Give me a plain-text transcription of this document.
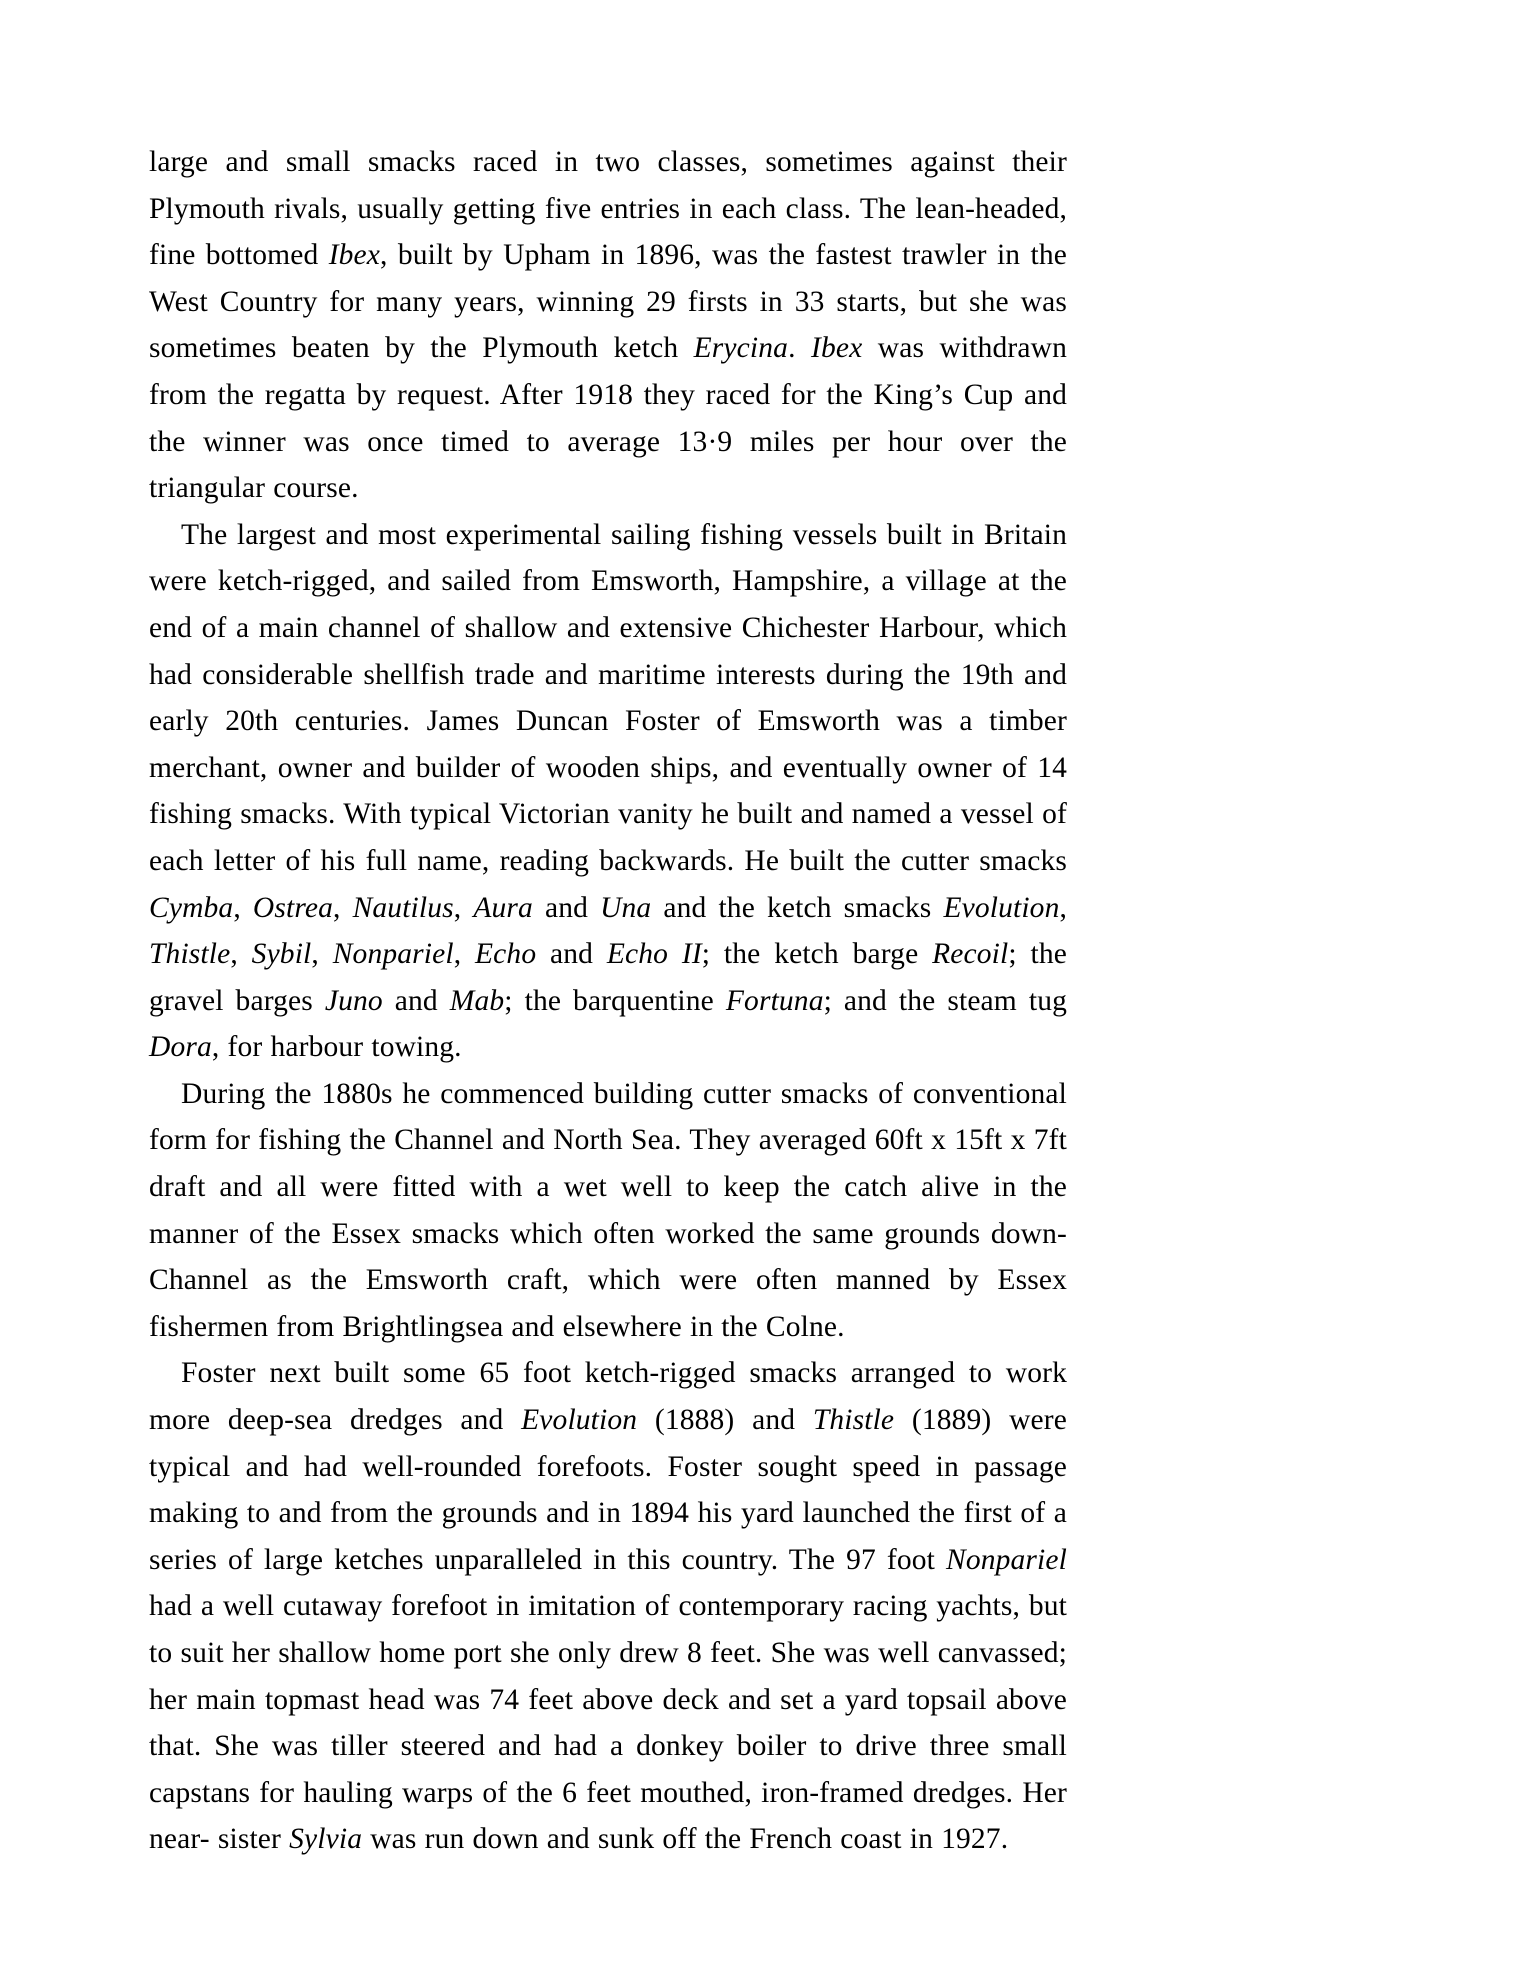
large and small smacks raced in two classes, sometimes against their Plymouth rivals, usually getting five entries in each class. The lean-headed, fine bottomed Ibex, built by Upham in 1896, was the fastest trawler in the West Country for many years, winning 29 firsts in 33 starts, but she was sometimes beaten by the Plymouth ketch Erycina. Ibex was withdrawn from the regatta by request. After 1918 they raced for the King’s Cup and the winner was once timed to average 13·9 miles per hour over the triangular course.

The largest and most experimental sailing fishing vessels built in Britain were ketch-rigged, and sailed from Emsworth, Hampshire, a village at the end of a main channel of shallow and extensive Chichester Harbour, which had considerable shellfish trade and maritime interests during the 19th and early 20th centuries. James Duncan Foster of Emsworth was a timber merchant, owner and builder of wooden ships, and eventually owner of 14 fishing smacks. With typical Victorian vanity he built and named a vessel of each letter of his full name, reading backwards. He built the cutter smacks Cymba, Ostrea, Nautilus, Aura and Una and the ketch smacks Evolution, Thistle, Sybil, Nonpariel, Echo and Echo II; the ketch barge Recoil; the gravel barges Juno and Mab; the barquentine Fortuna; and the steam tug Dora, for harbour towing.

During the 1880s he commenced building cutter smacks of conventional form for fishing the Channel and North Sea. They averaged 60ft x 15ft x 7ft draft and all were fitted with a wet well to keep the catch alive in the manner of the Essex smacks which often worked the same grounds down-Channel as the Emsworth craft, which were often manned by Essex fishermen from Brightlingsea and elsewhere in the Colne.

Foster next built some 65 foot ketch-rigged smacks arranged to work more deep-sea dredges and Evolution (1888) and Thistle (1889) were typical and had well-rounded forefoots. Foster sought speed in passage making to and from the grounds and in 1894 his yard launched the first of a series of large ketches unparalleled in this country. The 97 foot Nonpariel had a well cutaway forefoot in imitation of contemporary racing yachts, but to suit her shallow home port she only drew 8 feet. She was well canvassed; her main topmast head was 74 feet above deck and set a yard topsail above that. She was tiller steered and had a donkey boiler to drive three small capstans for hauling warps of the 6 feet mouthed, iron-framed dredges. Her near- sister Sylvia was run down and sunk off the French coast in 1927.
